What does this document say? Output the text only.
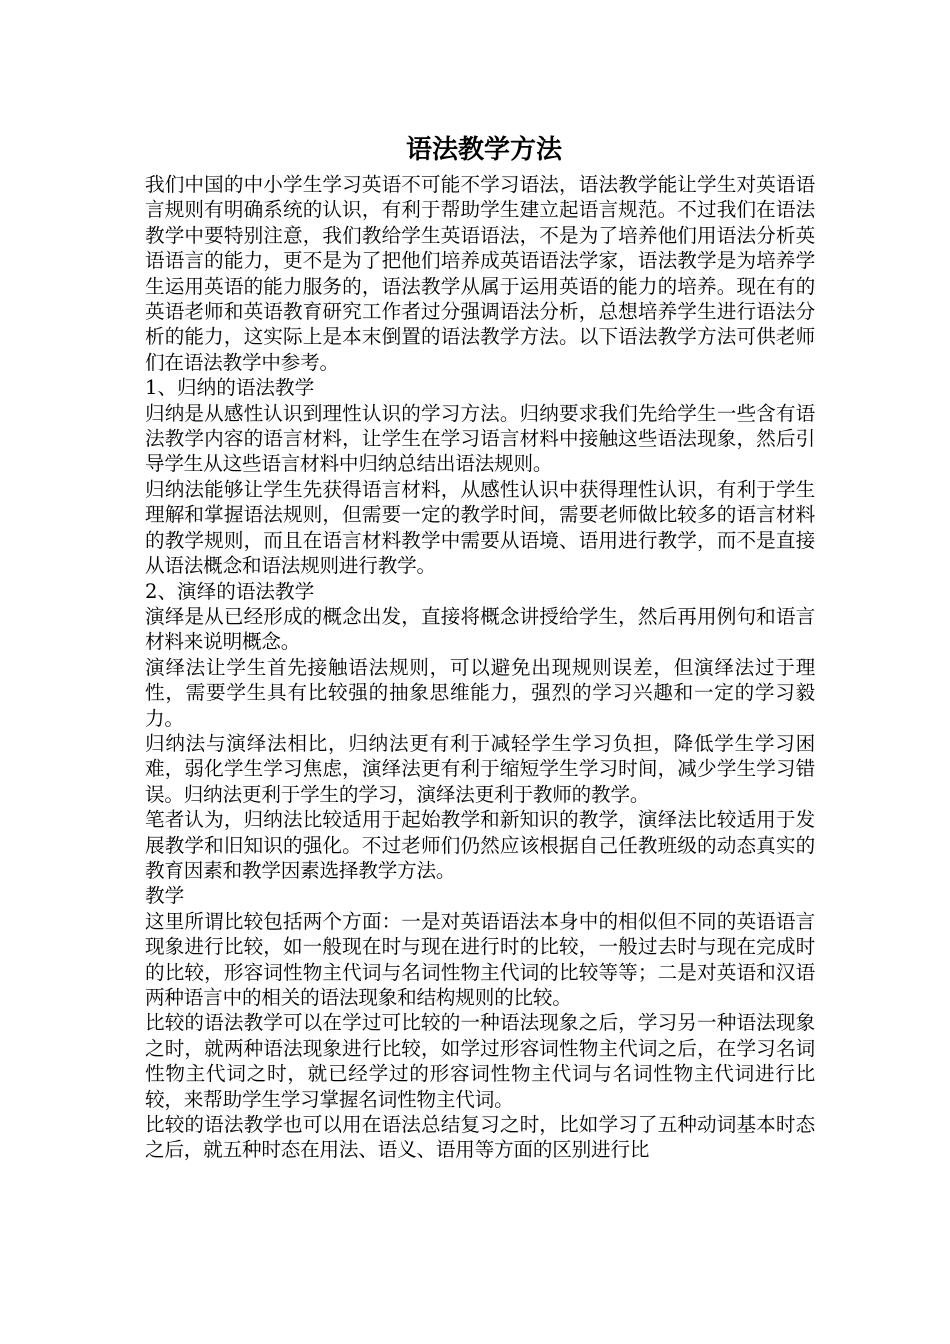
语法教学方法

我们中国的中小学生学习英语不可能不学习语法，语法教学能让学生对英语语言规则有明确系统的认识，有利于帮助学生建立起语言规范。不过我们在语法教学中要特别注意，我们教给学生英语语法，不是为了培养他们用语法分析英语语言的能力，更不是为了把他们培养成英语语法学家，语法教学是为培养学生运用英语的能力服务的，语法教学从属于运用英语的能力的培养。现在有的英语老师和英语教育研究工作者过分强调语法分析，总想培养学生进行语法分析的能力，这实际上是本末倒置的语法教学方法。以下语法教学方法可供老师们在语法教学中参考。

1、归纳的语法教学

归纳是从感性认识到理性认识的学习方法。归纳要求我们先给学生一些含有语法教学内容的语言材料，让学生在学习语言材料中接触这些语法现象，然后引导学生从这些语言材料中归纳总结出语法规则。

归纳法能够让学生先获得语言材料，从感性认识中获得理性认识，有利于学生理解和掌握语法规则，但需要一定的教学时间，需要老师做比较多的语言材料的教学规则，而且在语言材料教学中需要从语境、语用进行教学，而不是直接从语法概念和语法规则进行教学。

2、演绎的语法教学

演绎是从已经形成的概念出发，直接将概念讲授给学生，然后再用例句和语言材料来说明概念。

演绎法让学生首先接触语法规则，可以避免出现规则误差，但演绎法过于理性，需要学生具有比较强的抽象思维能力，强烈的学习兴趣和一定的学习毅力。

归纳法与演绎法相比，归纳法更有利于减轻学生学习负担，降低学生学习困难，弱化学生学习焦虑，演绎法更有利于缩短学生学习时间，减少学生学习错误。归纳法更利于学生的学习，演绎法更利于教师的教学。

笔者认为，归纳法比较适用于起始教学和新知识的教学，演绎法比较适用于发展教学和旧知识的强化。不过老师们仍然应该根据自己任教班级的动态真实的教育因素和教学因素选择教学方法。

教学

这里所谓比较包括两个方面：一是对英语语法本身中的相似但不同的英语语言现象进行比较，如一般现在时与现在进行时的比较，一般过去时与现在完成时的比较，形容词性物主代词与名词性物主代词的比较等等；二是对英语和汉语两种语言中的相关的语法现象和结构规则的比较。

比较的语法教学可以在学过可比较的一种语法现象之后，学习另一种语法现象之时，就两种语法现象进行比较，如学过形容词性物主代词之后，在学习名词性物主代词之时，就已经学过的形容词性物主代词与名词性物主代词进行比较，来帮助学生学习掌握名词性物主代词。

比较的语法教学也可以用在语法总结复习之时，比如学习了五种动词基本时态之后，就五种时态在用法、语义、语用等方面的区别进行比
